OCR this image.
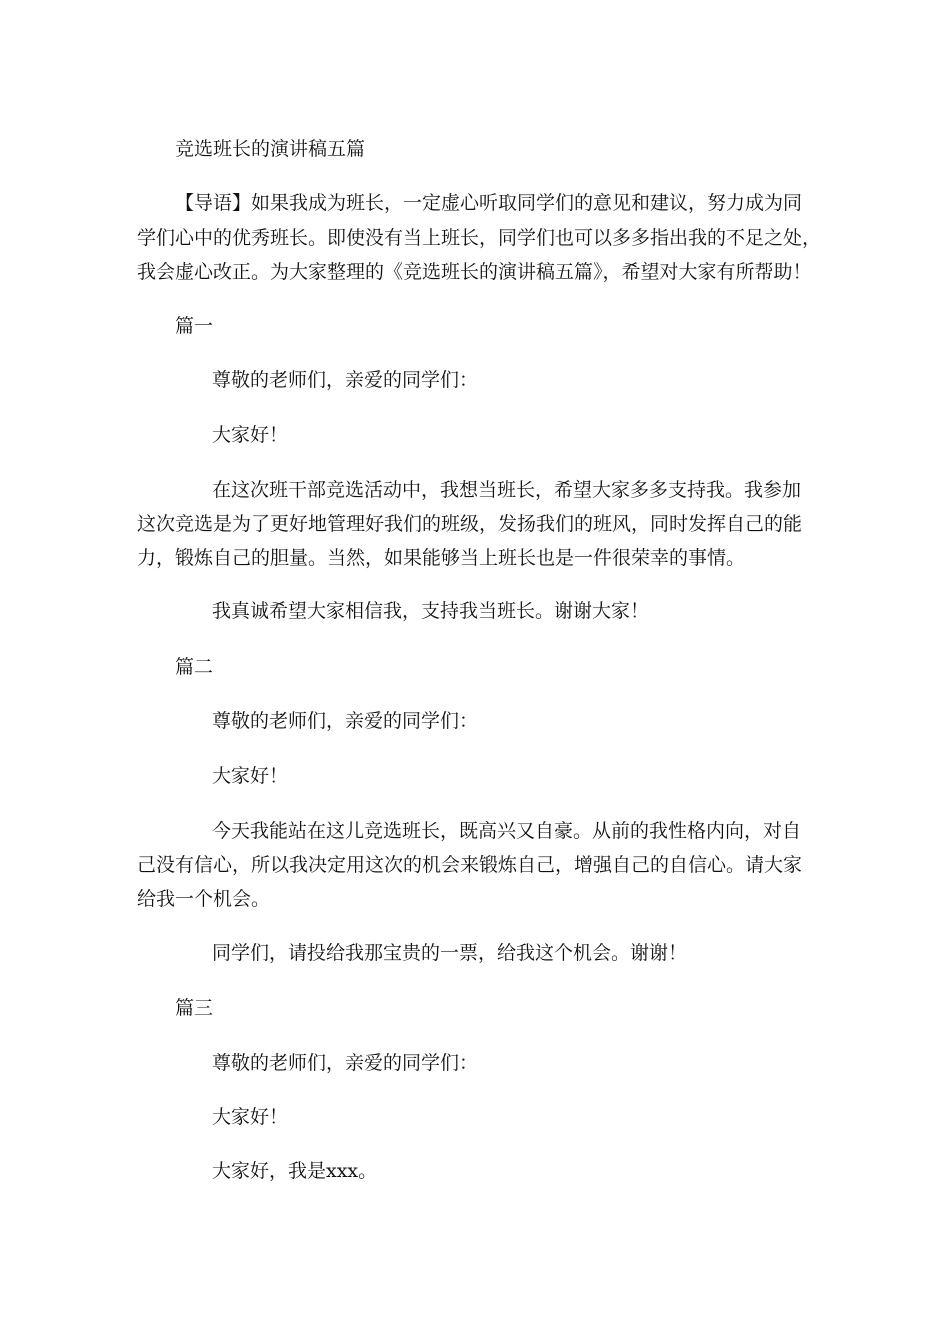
竞选班长的演讲稿五篇
【导语】如果我成为班长，一定虚心听取同学们的意见和建议，努力成为同
学们心中的优秀班长。即使没有当上班长，同学们也可以多多指出我的不足之处，
我会虚心改正。为大家整理的《竞选班长的演讲稿五篇》，希望对大家有所帮助！
篇一
尊敬的老师们，亲爱的同学们：
大家好！
在这次班干部竞选活动中，我想当班长，希望大家多多支持我。我参加
这次竞选是为了更好地管理好我们的班级，发扬我们的班风，同时发挥自己的能
力，锻炼自己的胆量。当然，如果能够当上班长也是一件很荣幸的事情。
我真诚希望大家相信我，支持我当班长。谢谢大家！
篇二
尊敬的老师们，亲爱的同学们：
大家好！
今天我能站在这儿竞选班长，既高兴又自豪。从前的我性格内向，对自
己没有信心，所以我决定用这次的机会来锻炼自己，增强自己的自信心。请大家
给我一个机会。
同学们，请投给我那宝贵的一票，给我这个机会。谢谢！
篇三
尊敬的老师们，亲爱的同学们：
大家好！
大家好，我是xxx。
